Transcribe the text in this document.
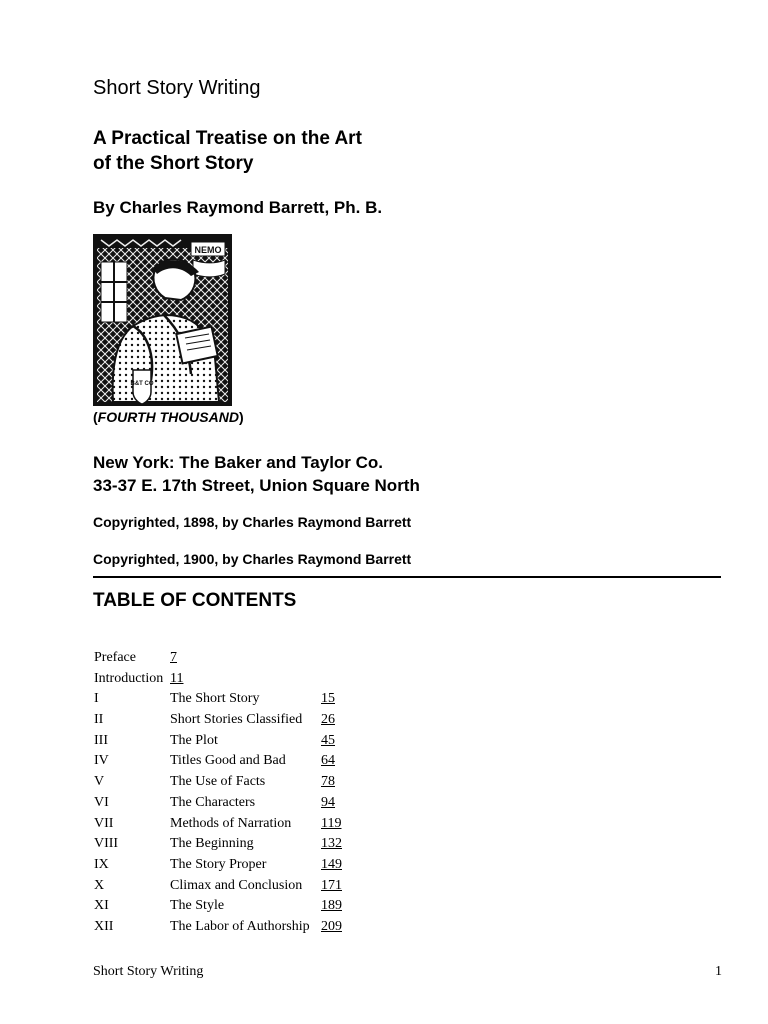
Short Story Writing
A Practical Treatise on the Art
of the Short Story
By Charles Raymond Barrett, Ph. B.
NEMO
B&T CO
(FOURTH THOUSAND)
New York: The Baker and Taylor Co.
33-37 E. 17th Street, Union Square North
Copyrighted, 1898, by Charles Raymond Barrett
Copyrighted, 1900, by Charles Raymond Barrett
TABLE OF CONTENTS
Preface 7
Introduction 11
I	The Short Story	15
II	Short Stories Classified 26
III	The Plot	45
IV	Titles Good and Bad	64
V	The Use of Facts	78
VI	The Characters	94
VII	Methods of Narration 119
VIII	The Beginning	132
IX	The Story Proper	149
X	Climax and Conclusion 171
XI	The Style	189
XII	The Labor of Authorship 209
Short Story Writing	1
